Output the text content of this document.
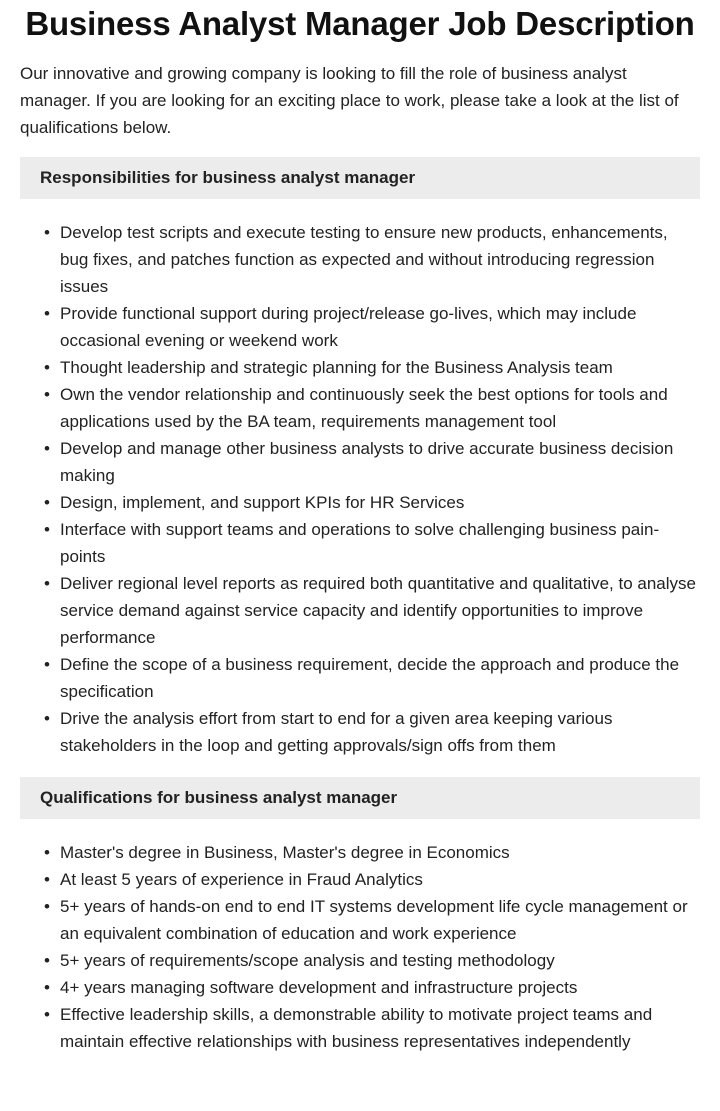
Business Analyst Manager Job Description

Our innovative and growing company is looking to fill the role of business analyst manager. If you are looking for an exciting place to work, please take a look at the list of qualifications below.

Responsibilities for business analyst manager
• Develop test scripts and execute testing to ensure new products, enhancements, bug fixes, and patches function as expected and without introducing regression issues
• Provide functional support during project/release go-lives, which may include occasional evening or weekend work
• Thought leadership and strategic planning for the Business Analysis team
• Own the vendor relationship and continuously seek the best options for tools and applications used by the BA team, requirements management tool
• Develop and manage other business analysts to drive accurate business decision making
• Design, implement, and support KPIs for HR Services
• Interface with support teams and operations to solve challenging business pain-points
• Deliver regional level reports as required both quantitative and qualitative, to analyse service demand against service capacity and identify opportunities to improve performance
• Define the scope of a business requirement, decide the approach and produce the specification
• Drive the analysis effort from start to end for a given area keeping various stakeholders in the loop and getting approvals/sign offs from them
Qualifications for business analyst manager
• Master's degree in Business, Master's degree in Economics
• At least 5 years of experience in Fraud Analytics
• 5+ years of hands-on end to end IT systems development life cycle management or an equivalent combination of education and work experience
• 5+ years of requirements/scope analysis and testing methodology
• 4+ years managing software development and infrastructure projects
• Effective leadership skills, a demonstrable ability to motivate project teams and maintain effective relationships with business representatives independently
